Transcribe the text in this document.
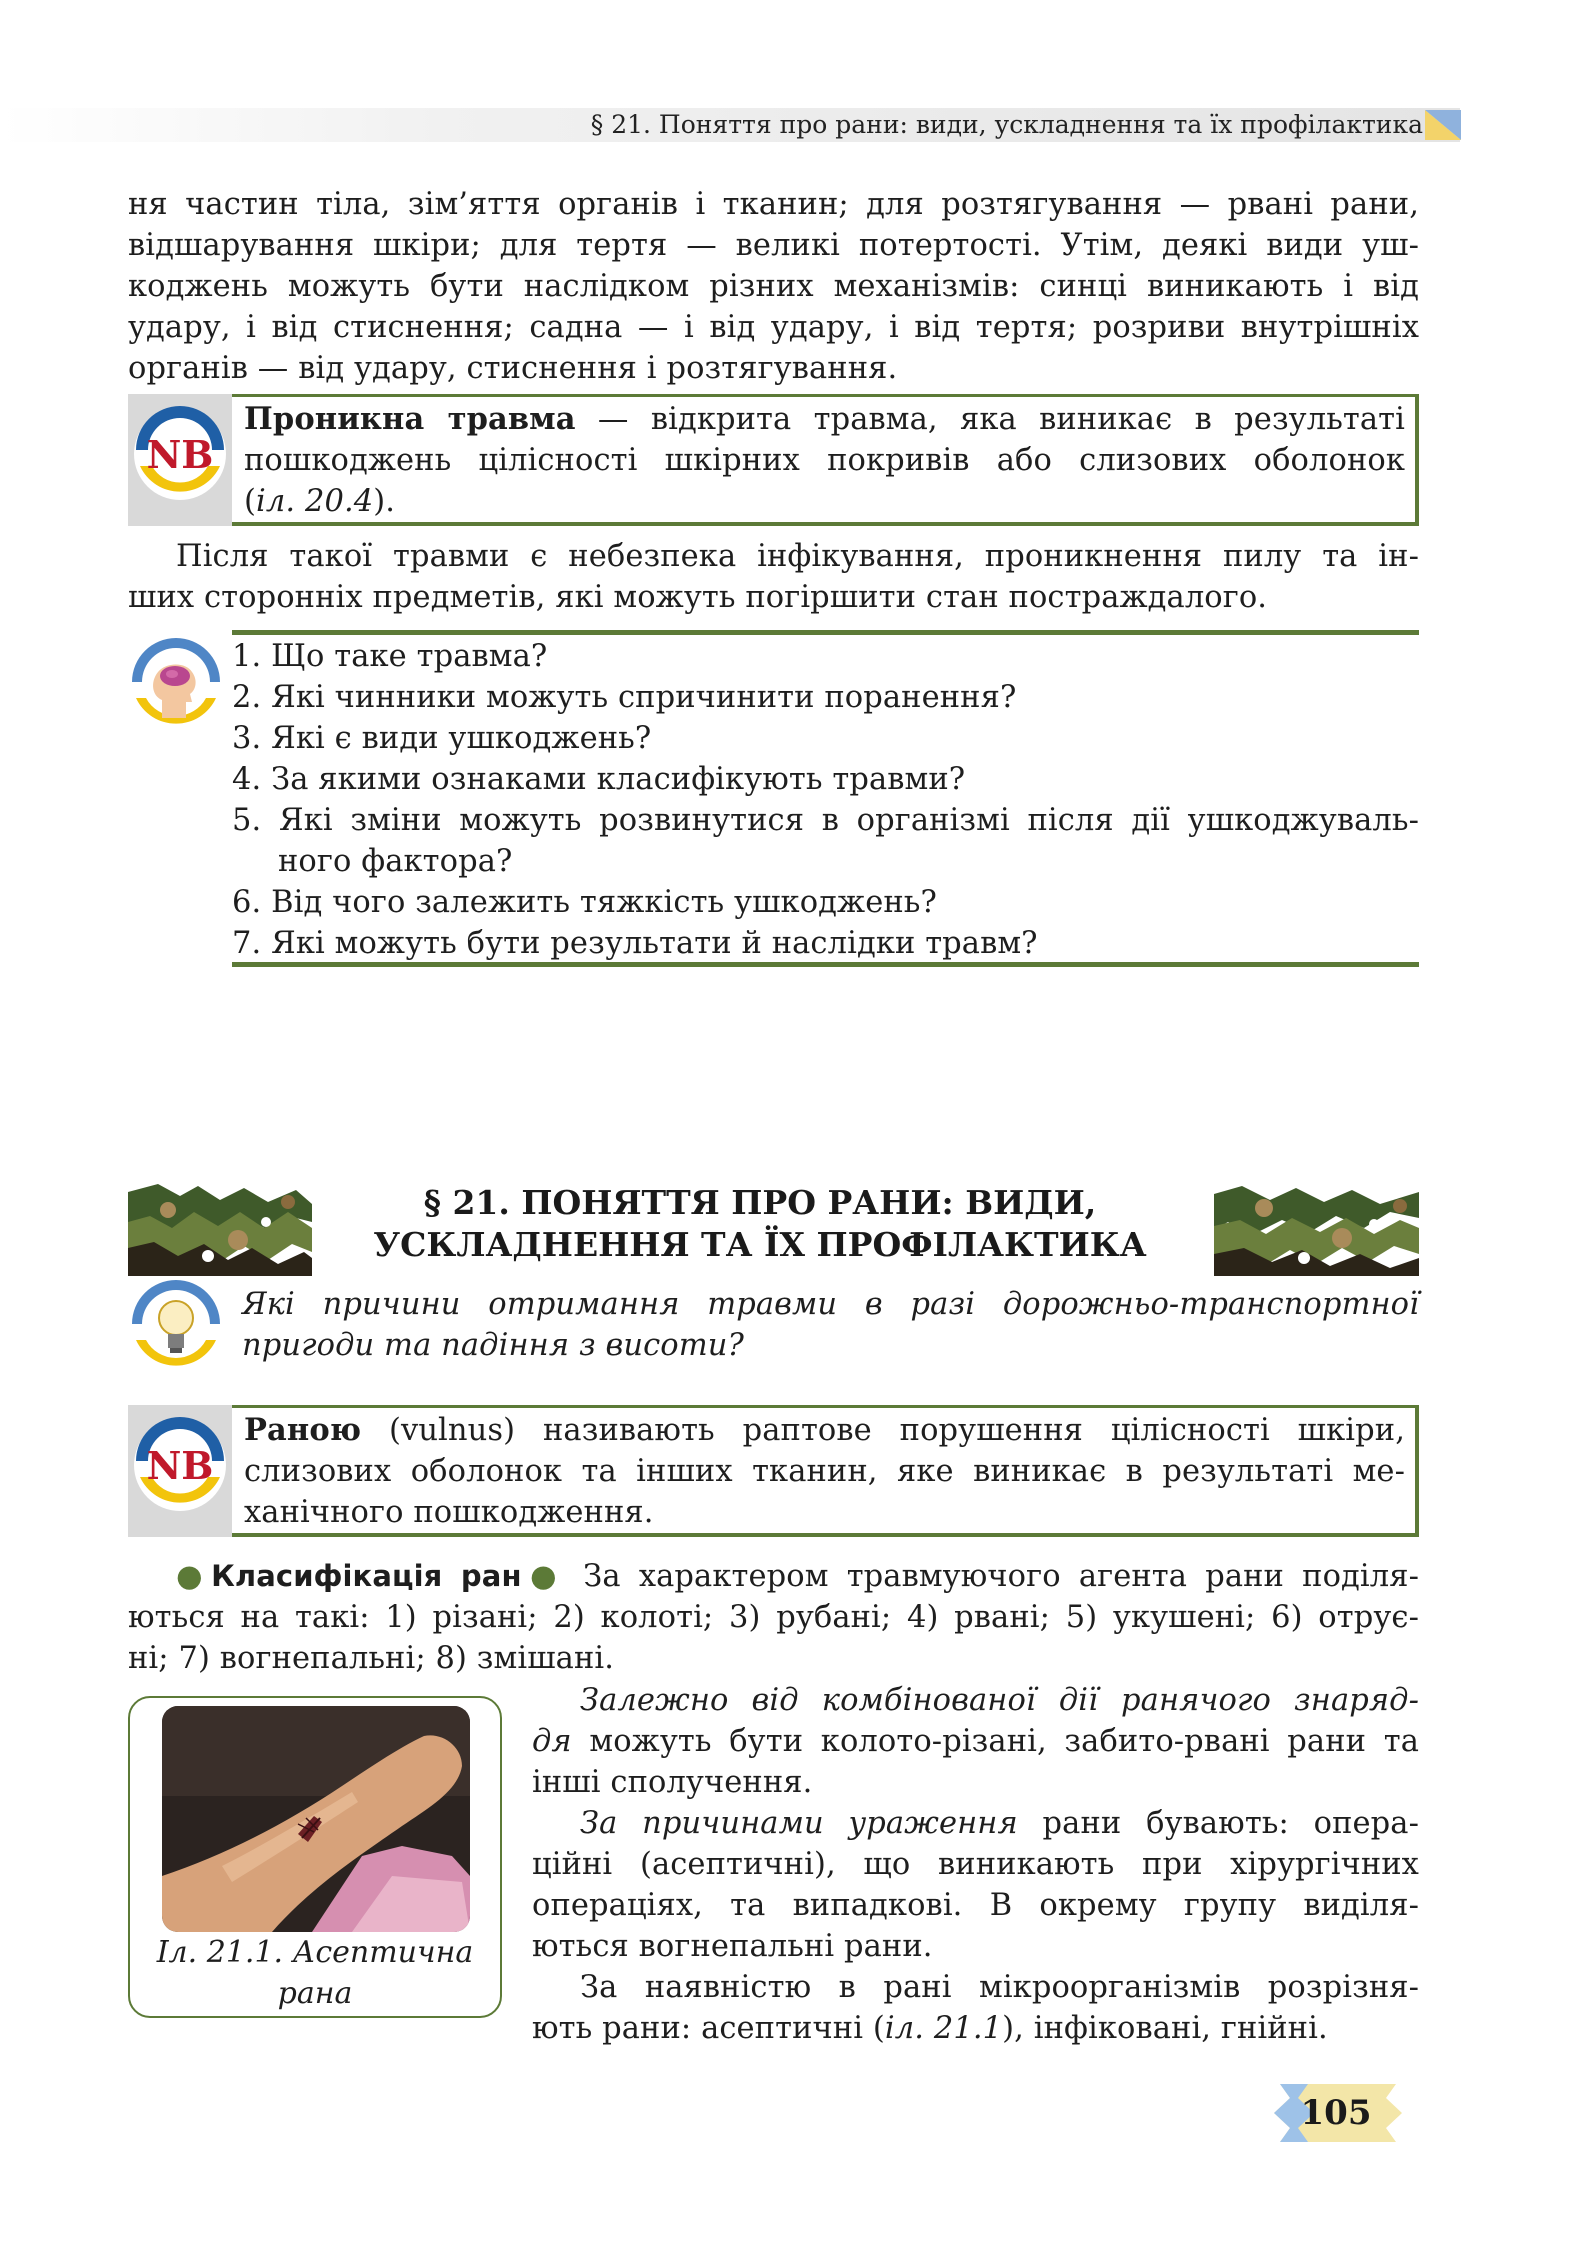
§ 21. Поняття про рани: види, ускладнення та їх профілактика
ня частин тіла, зім’яття органів і тканин; для розтягування — рвані рани,
відшарування шкіри; для тертя — великі потертості. Утім, деякі види уш-
коджень можуть бути наслідком різних механізмів: синці виникають і від
удару, і від стиснення; садна — і від удару, і від тертя; розриви внутрішніх
органів — від удару, стиснення і розтягування.
NB
Проникна травма — відкрита травма, яка виникає в результаті
пошкоджень цілісності шкірних покривів або слизових оболонок
(іл. 20.4).
Після такої травми є небезпека інфікування, проникнення пилу та ін-
ших сторонніх предметів, які можуть погіршити стан постраждалого.
1. Що таке травма?
2. Які чинники можуть спричинити поранення?
3. Які є види ушкоджень?
4. За якими ознаками класифікують травми?
5. Які зміни можуть розвинутися в організмі після дії ушкоджуваль-
ного фактора?
6. Від чого залежить тяжкість ушкоджень?
7. Які можуть бути результати й наслідки травм?
§ 21. ПОНЯТТЯ ПРО РАНИ: ВИДИ,
УСКЛАДНЕННЯ ТА ЇХ ПРОФІЛАКТИКА
Які причини отримання травми в разі дорожньо-транспортної
пригоди та падіння з висоти?
NB
Раною (vulnus) називають раптове порушення цілісності шкіри,
слизових оболонок та інших тканин, яке виникає в результаті ме-
ханічного пошкодження.
●Класифікація ран● За характером травмуючого агента рани поділя-
ються на такі: 1) різані; 2) колоті; 3) рубані; 4) рвані; 5) укушені; 6) отрує-
ні; 7) вогнепальні; 8) змішані.
Іл. 21.1. Асептична
рана
Залежно від комбінованої дії ранячого знаряд-
дя можуть бути колото-різані, забито-рвані рани та
інші сполучення.
За причинами ураження рани бувають: опера-
ційні (асептичні), що виникають при хірургічних
операціях, та випадкові. В окрему групу виділя-
ються вогнепальні рани.
За наявністю в рані мікроорганізмів розрізня-
ють рани: асептичні (іл. 21.1), інфіковані, гнійні.
105
